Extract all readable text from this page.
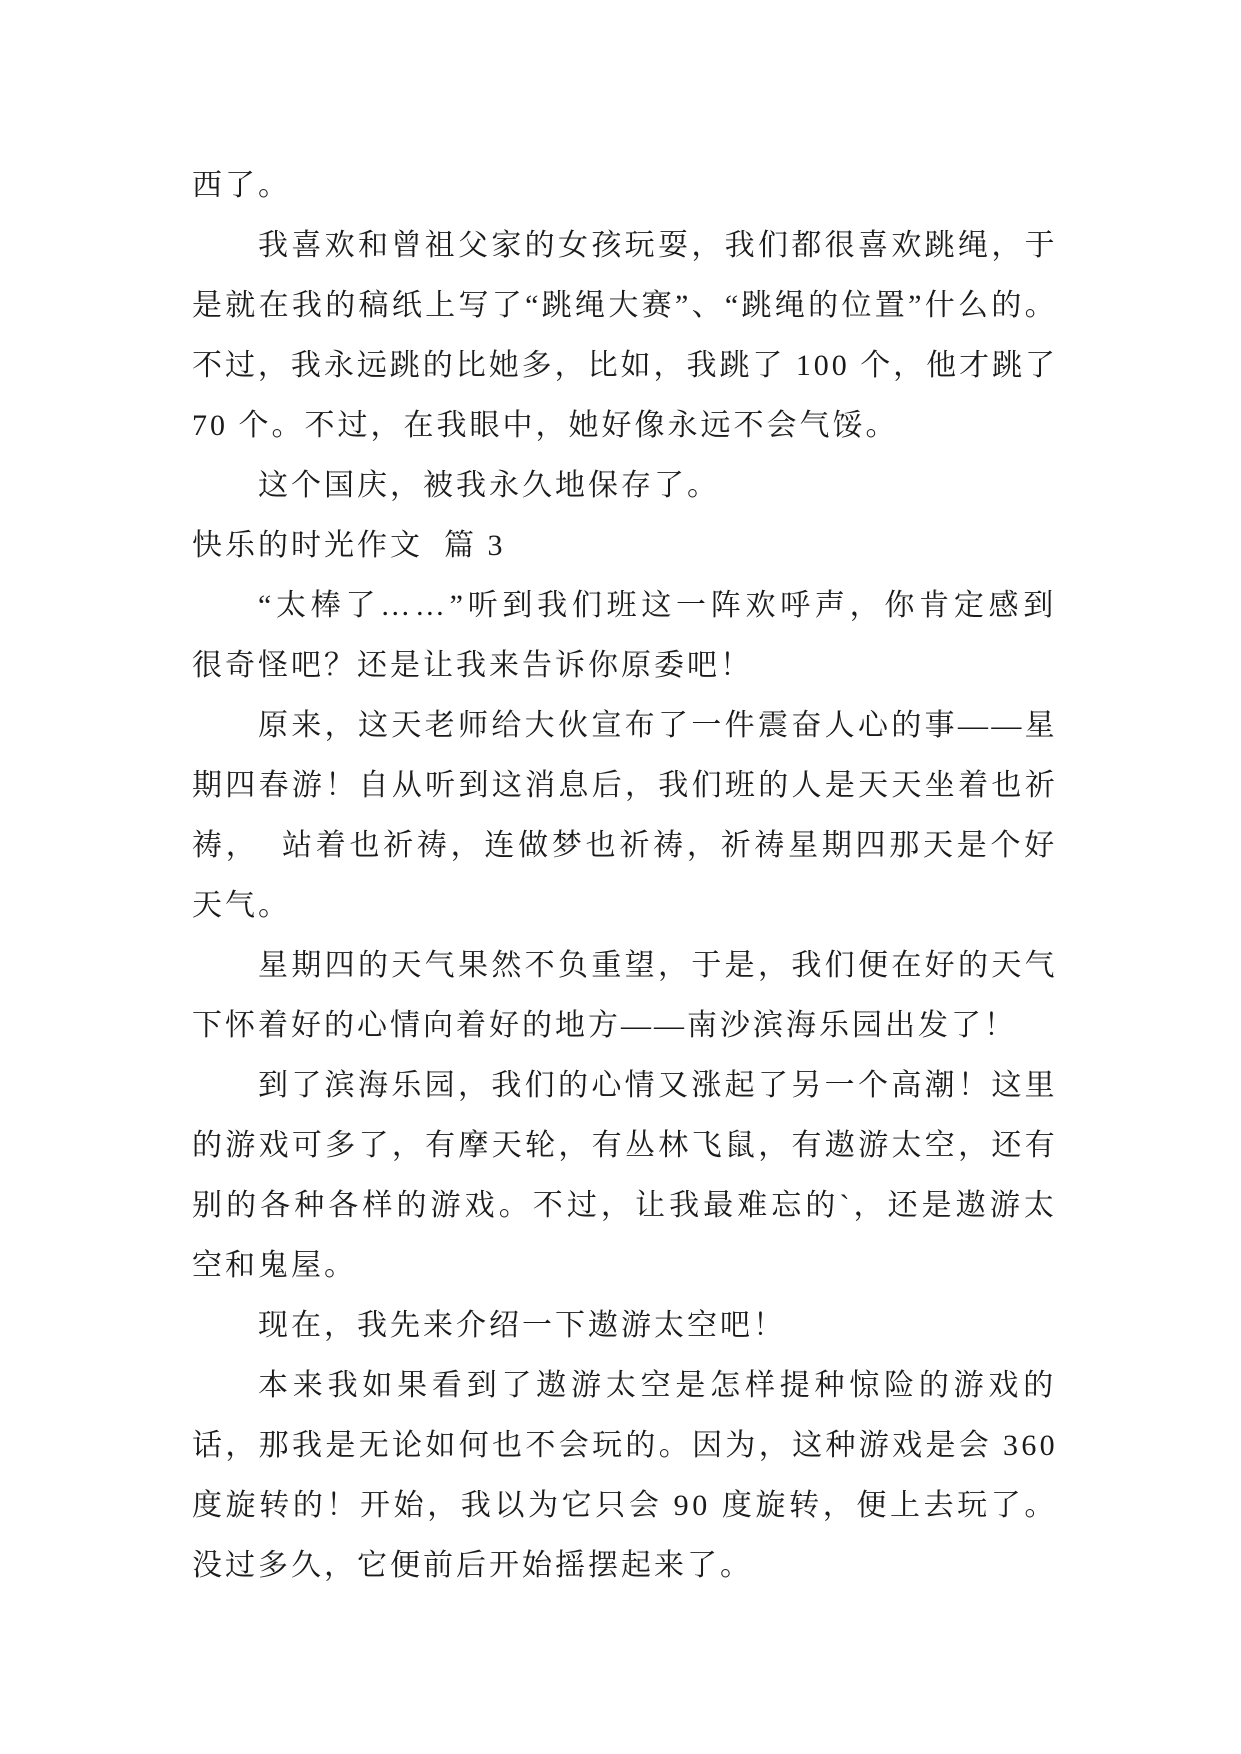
西了。
我喜欢和曾祖父家的女孩玩耍，我们都很喜欢跳绳，于
是就在我的稿纸上写了“跳绳大赛”、“跳绳的位置”什么的。
不过，我永远跳的比她多，比如，我跳了 100 个，他才跳了
70 个。不过，在我眼中，她好像永远不会气馁。
这个国庆，被我永久地保存了。
快乐的时光作文  篇 3
“太棒了……”听到我们班这一阵欢呼声，你肯定感到
很奇怪吧？还是让我来告诉你原委吧！
原来，这天老师给大伙宣布了一件震奋人心的事——星
期四春游！自从听到这消息后，我们班的人是天天坐着也祈
祷，  站着也祈祷，连做梦也祈祷，祈祷星期四那天是个好
天气。
星期四的天气果然不负重望，于是，我们便在好的天气
下怀着好的心情向着好的地方——南沙滨海乐园出发了！
到了滨海乐园，我们的心情又涨起了另一个高潮！这里
的游戏可多了，有摩天轮，有丛林飞鼠，有遨游太空，还有
别的各种各样的游戏。不过，让我最难忘的`，还是遨游太
空和鬼屋。
现在，我先来介绍一下遨游太空吧！
本来我如果看到了遨游太空是怎样提种惊险的游戏的
话，那我是无论如何也不会玩的。因为，这种游戏是会 360
度旋转的！开始，我以为它只会 90 度旋转，便上去玩了。
没过多久，它便前后开始摇摆起来了。
